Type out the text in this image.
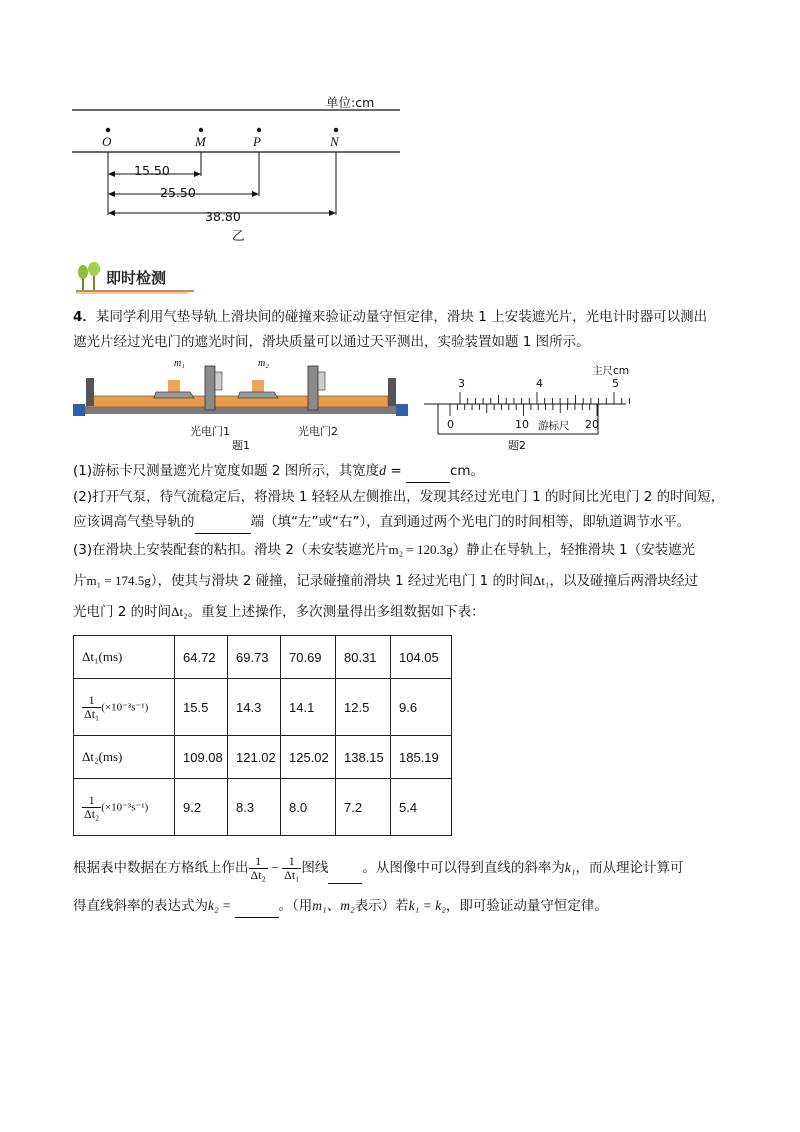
单位:cm
O	M	P	N
15.50
25.50
38.80
乙
即时检测
4．某同学利用气垫导轨上滑块间的碰撞来验证动量守恒定律，滑块 1 上安装遮光片，光电计时器可以测出
遮光片经过光电门的遮光时间，滑块质量可以通过天平测出，实验装置如题 1 图所示。
m₁	m₂
光电门1	光电门2
题1
主尺cm
3	4	5
0	10 游标尺 20
题2
(1)游标卡尺测量遮光片宽度如题 2 图所示，其宽度d =	cm。
(2)打开气泵，待气流稳定后，将滑块 1 轻轻从左侧推出，发现其经过光电门 1 的时间比光电门 2 的时间短，
应该调高气垫导轨的	端（填“左”或“右”），直到通过两个光电门的时间相等，即轨道调节水平。
(3)在滑块上安装配套的粘扣。滑块 2（未安装遮光片m₂ = 120.3g）静止在导轨上，轻推滑块 1（安装遮光
片m₁ = 174.5g），使其与滑块 2 碰撞，记录碰撞前滑块 1 经过光电门 1 的时间Δt₁，以及碰撞后两滑块经过
光电门 2 的时间Δt₂。重复上述操作，多次测量得出多组数据如下表：
Δt₁(ms)	64.72	69.73	70.69	80.31	104.05

$\frac{1}{\text{Δt₁}} (\times 10^{-3}s^{-1})$	15.5	14.3	14.1	12.5	9.6
Δt₂(ms)	109.08	121.02	125.02	138.15	185.19

$\frac{1}{\text{Δt₂}} (\times 10^{-3}s^{-1})$	9.2	8.3	8.0	7.2	5.4
根据表中数据在方格纸上作出 $\frac{1}{\text{Δt₂}} - \frac{1}{\text{Δt₁}}$ 图线	。从图像中可以得到直线的斜率为k₁，而从理论计算可
得直线斜率的表达式为k₂ =	。（用m₁、m₂表示）若k₁ = k₂，即可验证动量守恒定律。
